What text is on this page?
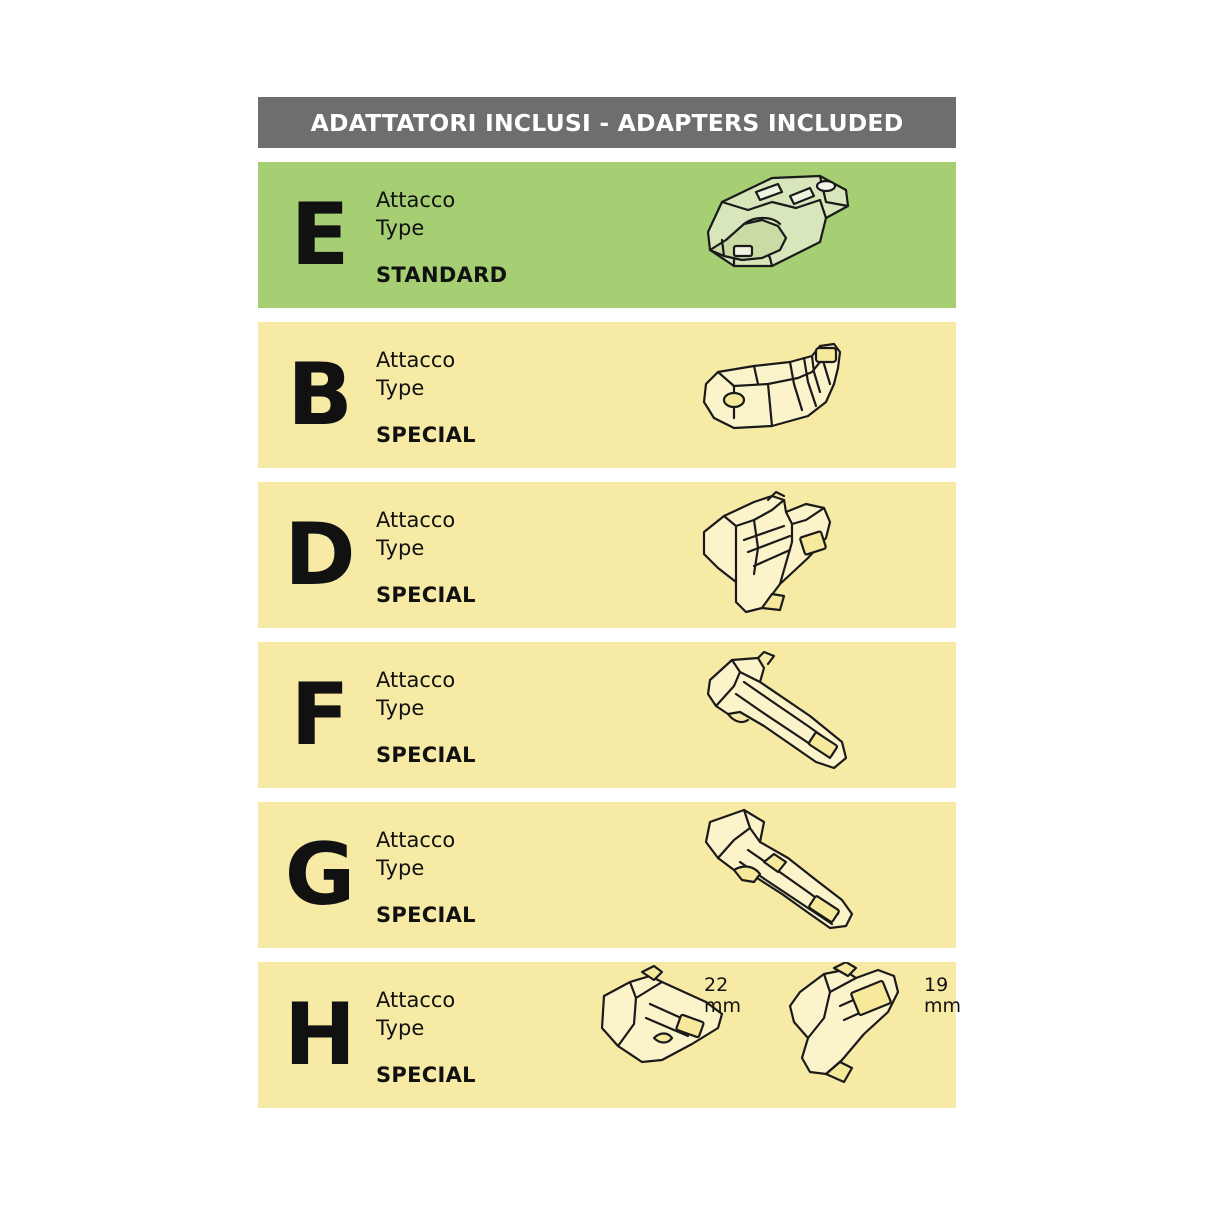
ADATTATORI INCLUSI - ADAPTERS INCLUDED
E	Attacco
Type
STANDARD
B	Attacco
Type
SPECIAL
D Attacco
Type
SPECIAL
F	Attacco
Type
SPECIAL
G Attacco
Type
SPECIAL
H Attacco
Type
SPECIAL
22
mm
19
mm
